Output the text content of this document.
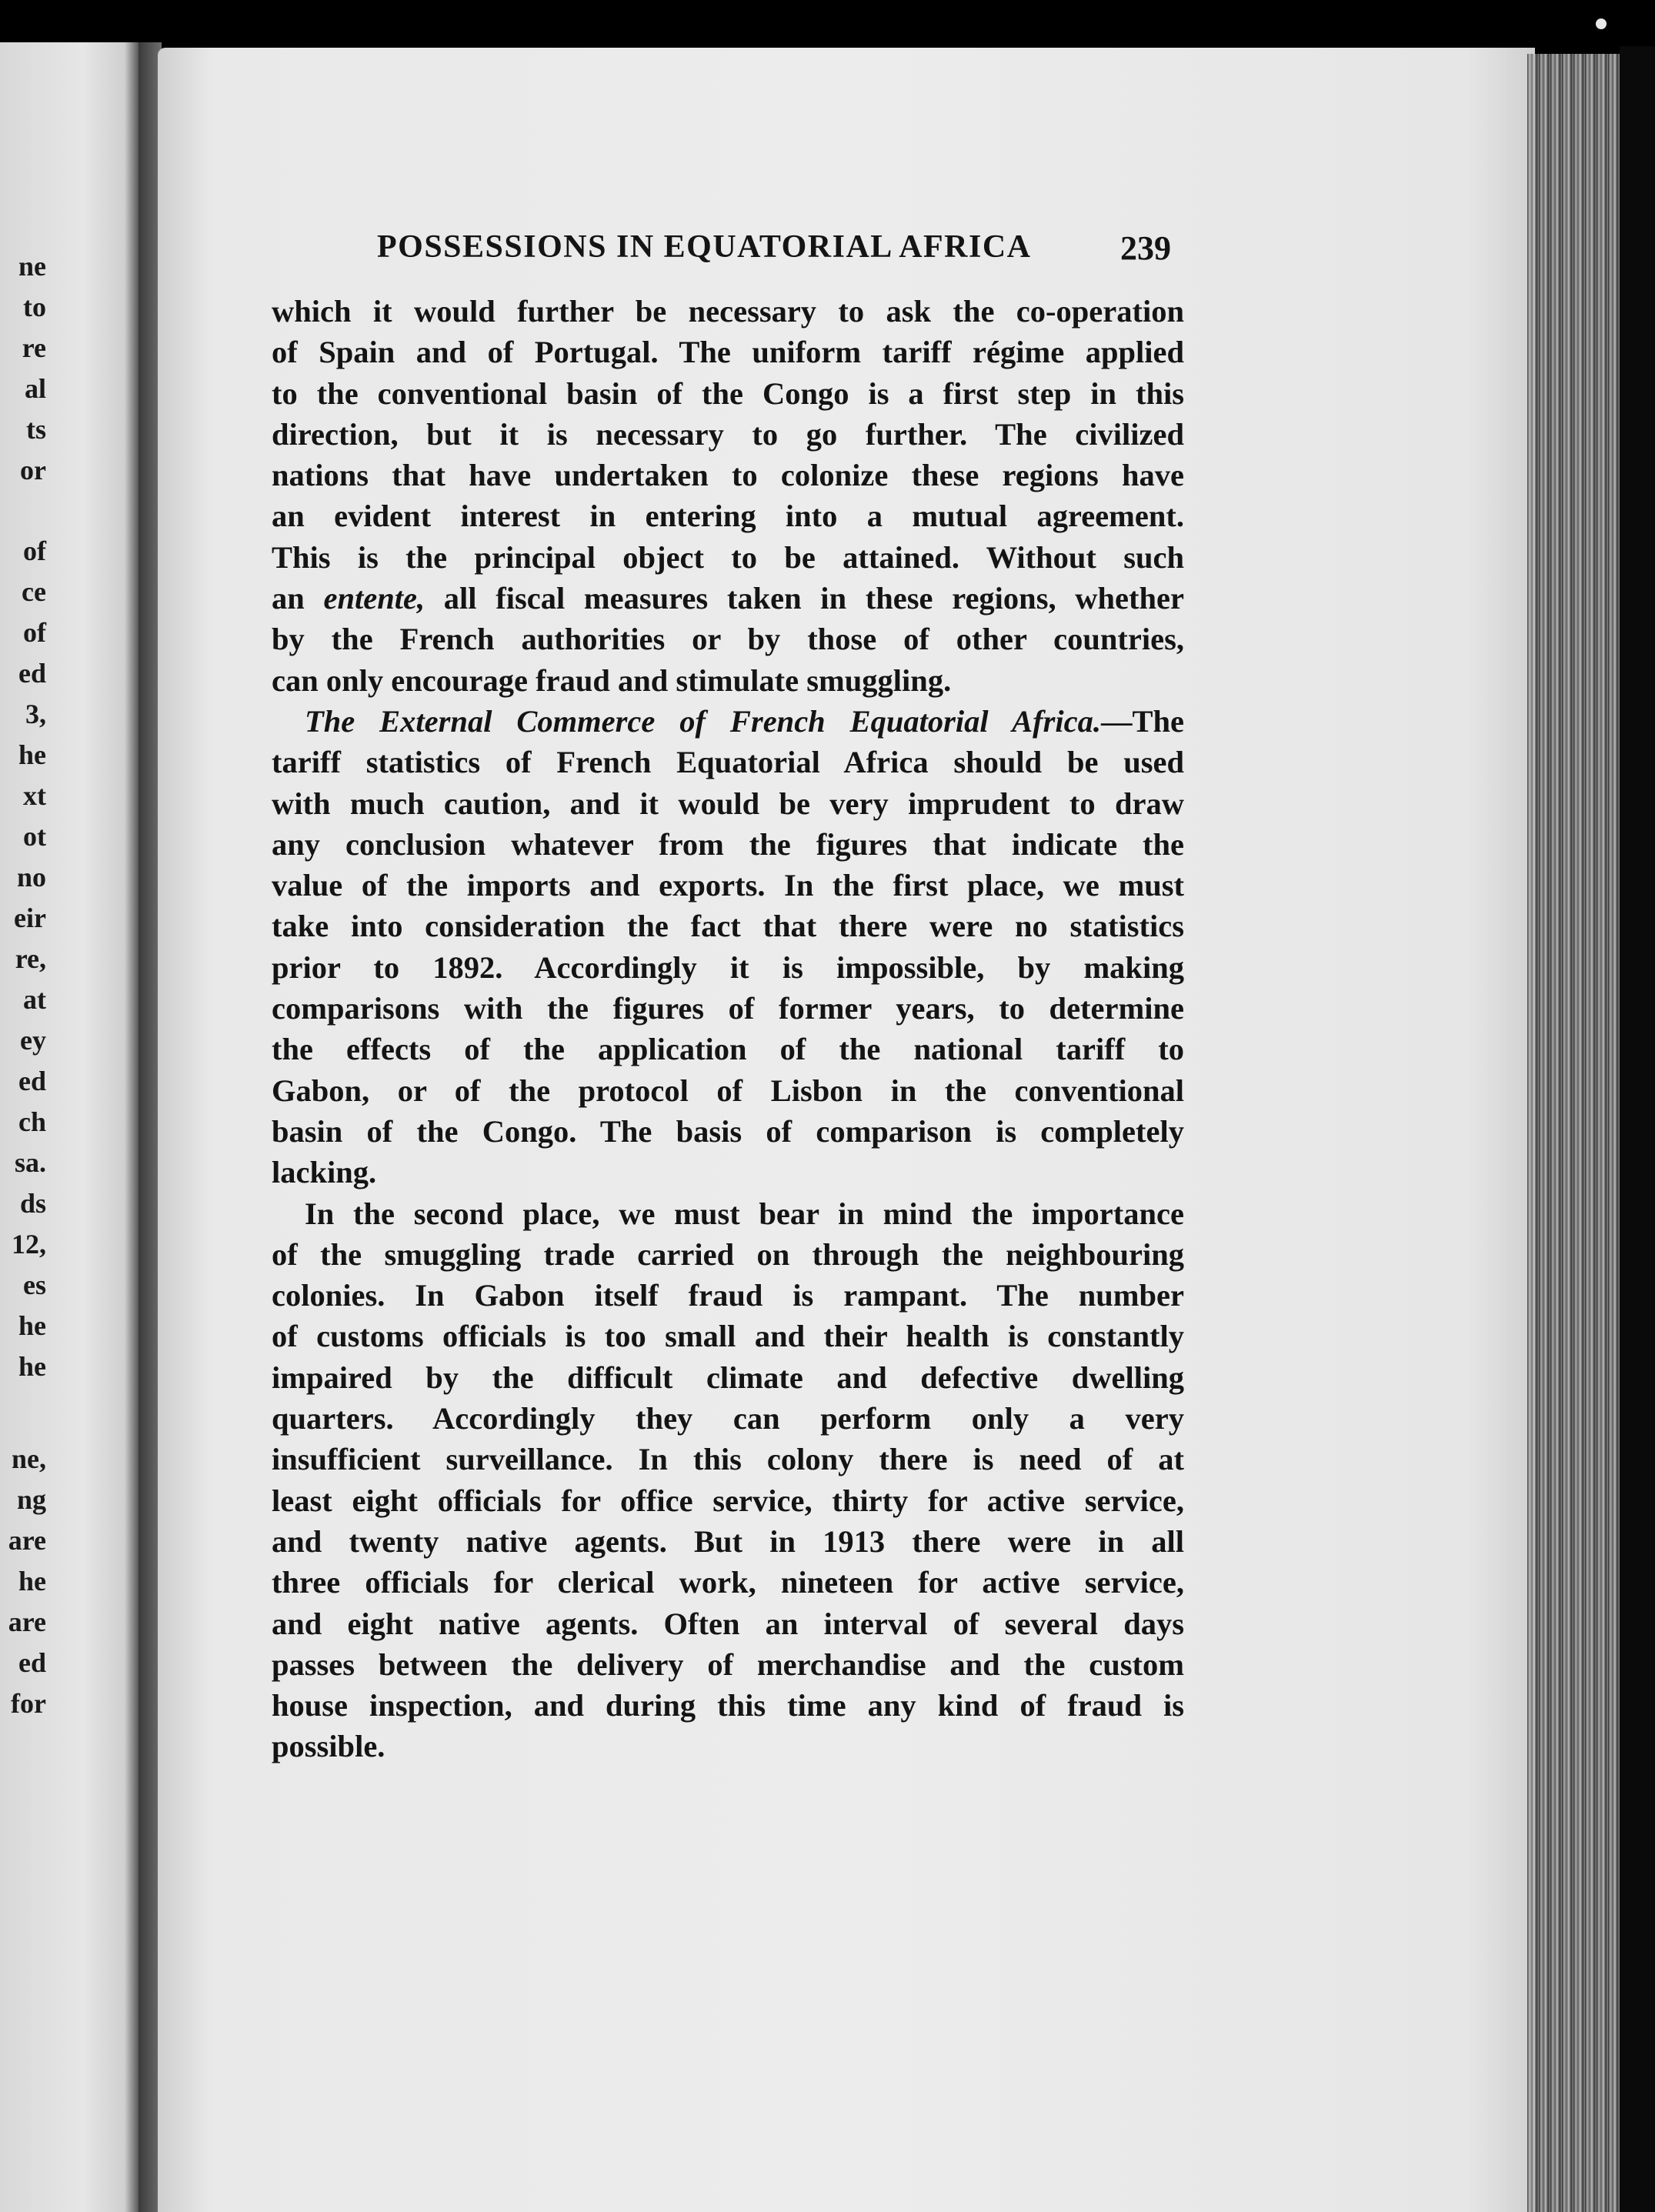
ne
to
re
al
ts
or
of
ce
of
ed
3,
he
xt
ot
no
eir
re,
at
ey
ed
ch
sa.
ds
12,
es
he
he
ne,
ng
are
he
are
ed
for
POSSESSIONS IN EQUATORIAL AFRICA	239
which it would further be necessary to ask the co-operation
of Spain and of Portugal. The uniform tariff régime applied
to the conventional basin of the Congo is a first step in this
direction, but it is necessary to go further. The civilized
nations that have undertaken to colonize these regions have
an evident interest in entering into a mutual agreement.
This is the principal object to be attained. Without such
an entente, all fiscal measures taken in these regions, whether
by the French authorities or by those of other countries,
can only encourage fraud and stimulate smuggling.
The External Commerce of French Equatorial Africa.—The
tariff statistics of French Equatorial Africa should be used
with much caution, and it would be very imprudent to draw
any conclusion whatever from the figures that indicate the
value of the imports and exports. In the first place, we must
take into consideration the fact that there were no statistics
prior to 1892. Accordingly it is impossible, by making
comparisons with the figures of former years, to determine
the effects of the application of the national tariff to
Gabon, or of the protocol of Lisbon in the conventional
basin of the Congo. The basis of comparison is completely
lacking.
In the second place, we must bear in mind the importance
of the smuggling trade carried on through the neighbouring
colonies. In Gabon itself fraud is rampant. The number
of customs officials is too small and their health is constantly
impaired by the difficult climate and defective dwelling
quarters. Accordingly they can perform only a very
insufficient surveillance. In this colony there is need of at
least eight officials for office service, thirty for active service,
and twenty native agents. But in 1913 there were in all
three officials for clerical work, nineteen for active service,
and eight native agents. Often an interval of several days
passes between the delivery of merchandise and the custom
house inspection, and during this time any kind of fraud is
possible.
